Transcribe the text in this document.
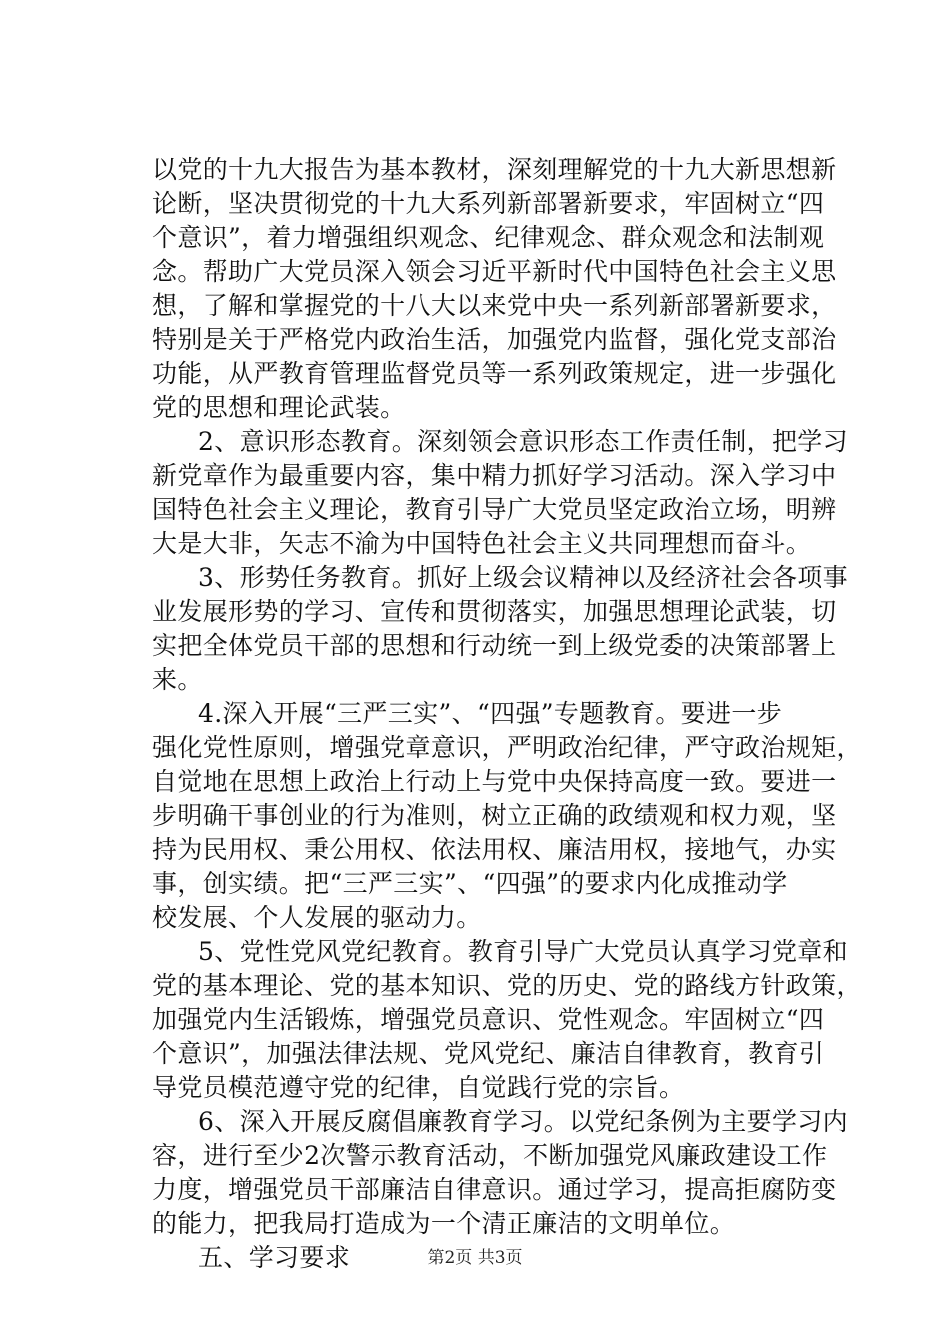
以党的十九大报告为基本教材，深刻理解党的十九大新思想新
论断，坚决贯彻党的十九大系列新部署新要求，牢固树立“四
个意识”，着力增强组织观念、纪律观念、群众观念和法制观
念。帮助广大党员深入领会习近平新时代中国特色社会主义思
想，了解和掌握党的十八大以来党中央一系列新部署新要求，
特别是关于严格党内政治生活，加强党内监督，强化党支部治
功能，从严教育管理监督党员等一系列政策规定，进一步强化
党的思想和理论武装。
2、意识形态教育。深刻领会意识形态工作责任制，把学习
新党章作为最重要内容，集中精力抓好学习活动。深入学习中
国特色社会主义理论，教育引导广大党员坚定政治立场，明辨
大是大非，矢志不渝为中国特色社会主义共同理想而奋斗。
3、形势任务教育。抓好上级会议精神以及经济社会各项事
业发展形势的学习、宣传和贯彻落实，加强思想理论武装，切
实把全体党员干部的思想和行动统一到上级党委的决策部署上
来。
4.深入开展“三严三实”、“四强”专题教育。要进一步
强化党性原则，增强党章意识，严明政治纪律，严守政治规矩，
自觉地在思想上政治上行动上与党中央保持高度一致。要进一
步明确干事创业的行为准则，树立正确的政绩观和权力观，坚
持为民用权、秉公用权、依法用权、廉洁用权，接地气，办实
事，创实绩。把“三严三实”、“四强”的要求内化成推动学
校发展、个人发展的驱动力。
5、党性党风党纪教育。教育引导广大党员认真学习党章和
党的基本理论、党的基本知识、党的历史、党的路线方针政策，
加强党内生活锻炼，增强党员意识、党性观念。牢固树立“四
个意识”，加强法律法规、党风党纪、廉洁自律教育，教育引
导党员模范遵守党的纪律，自觉践行党的宗旨。
6、深入开展反腐倡廉教育学习。以党纪条例为主要学习内
容，进行至少2次警示教育活动，不断加强党风廉政建设工作
力度，增强党员干部廉洁自律意识。通过学习，提高拒腐防变
的能力，把我局打造成为一个清正廉洁的文明单位。
五、学习要求	第2页 共3页
